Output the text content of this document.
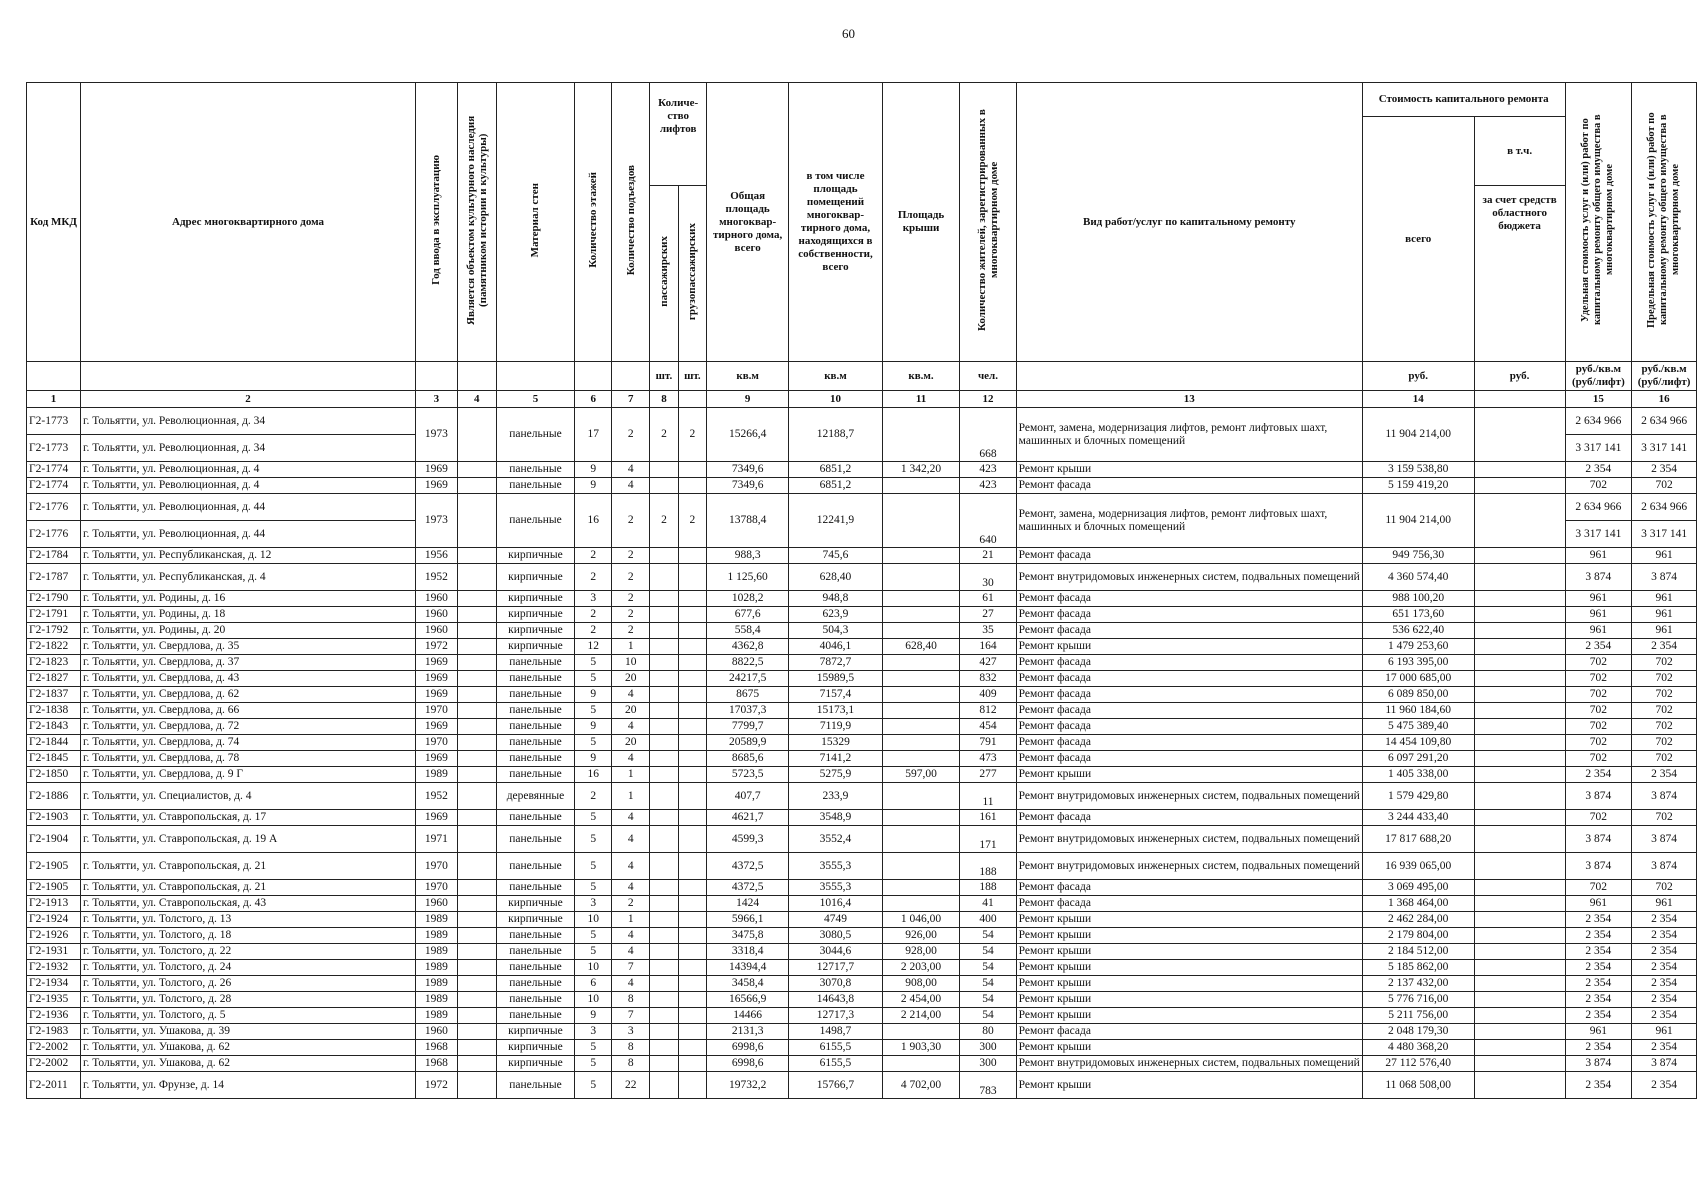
60
Код МКД	Адрес многоквартирного дома	Год ввода в эксплуатацию	Является объектом культурного наследия (памятником истории и культуры)	Материал стен	Количество этажей	Количество подъездов	Количе- ство лифтов		Общая площадь многоквар- тирного дома, всего	в том числе площадь помещений многоквар- тирного дома, находящихся в собственности, всего	Площадь крыши	Количество жителей, зарегистрированных в многоквартирном доме	Вид работ/услуг по капитальному ремонту	Стоимость капитального ремонта		Удельная стоимость услуг и (или) работ по капитальному ремонту общего имущества в многоквартирном доме	Предельная стоимость услуг и (или) работ по капитальному ремонту общего имущества в многоквартирном доме
														всего	в т.ч.		
							пассажирских	грузопассажирских							за счет средств областного бюджета		
							шт.	шт.	кв.м	кв.м	кв.м.	чел.		руб.	руб.	руб./кв.м (руб/лифт)	руб./кв.м (руб/лифт)
1	2	3	4	5	6	7	8		9	10	11	12	13	14		15	16
Г2-1773	г. Тольятти, ул. Революционная, д. 34	1973		панельные	17	2	2	2	15266,4	12188,7		668	Ремонт, замена, модернизация лифтов, ремонт лифтовых шахт, машинных и блочных помещений	11 904 214,00		2 634 966	2 634 966
Г2-1773	г. Тольятти, ул. Революционная, д. 34															3 317 141	3 317 141
Г2-1774	г. Тольятти, ул. Революционная, д. 4	1969		панельные	9	4			7349,6	6851,2	1 342,20	423	Ремонт крыши	3 159 538,80		2 354	2 354
Г2-1774	г. Тольятти, ул. Революционная, д. 4	1969		панельные	9	4			7349,6	6851,2		423	Ремонт фасада	5 159 419,20		702	702
Г2-1776	г. Тольятти, ул. Революционная, д. 44	1973		панельные	16	2	2	2	13788,4	12241,9		640	Ремонт, замена, модернизация лифтов, ремонт лифтовых шахт, машинных и блочных помещений	11 904 214,00		2 634 966	2 634 966
Г2-1776	г. Тольятти, ул. Революционная, д. 44															3 317 141	3 317 141
Г2-1784	г. Тольятти, ул. Республиканская, д. 12	1956		кирпичные	2	2			988,3	745,6		21	Ремонт фасада	949 756,30		961	961
Г2-1787	г. Тольятти, ул. Республиканская, д. 4	1952		кирпичные	2	2			1 125,60	628,40		30	Ремонт внутридомовых инженерных систем, подвальных помещений	4 360 574,40		3 874	3 874
Г2-1790	г. Тольятти, ул. Родины, д. 16	1960		кирпичные	3	2			1028,2	948,8		61	Ремонт фасада	988 100,20		961	961
Г2-1791	г. Тольятти, ул. Родины, д. 18	1960		кирпичные	2	2			677,6	623,9		27	Ремонт фасада	651 173,60		961	961
Г2-1792	г. Тольятти, ул. Родины, д. 20	1960		кирпичные	2	2			558,4	504,3		35	Ремонт фасада	536 622,40		961	961
Г2-1822	г. Тольятти, ул. Свердлова, д. 35	1972		кирпичные	12	1			4362,8	4046,1	628,40	164	Ремонт крыши	1 479 253,60		2 354	2 354
Г2-1823	г. Тольятти, ул. Свердлова, д. 37	1969		панельные	5	10			8822,5	7872,7		427	Ремонт фасада	6 193 395,00		702	702
Г2-1827	г. Тольятти, ул. Свердлова, д. 43	1969		панельные	5	20			24217,5	15989,5		832	Ремонт фасада	17 000 685,00		702	702
Г2-1837	г. Тольятти, ул. Свердлова, д. 62	1969		панельные	9	4			8675	7157,4		409	Ремонт фасада	6 089 850,00		702	702
Г2-1838	г. Тольятти, ул. Свердлова, д. 66	1970		панельные	5	20			17037,3	15173,1		812	Ремонт фасада	11 960 184,60		702	702
Г2-1843	г. Тольятти, ул. Свердлова, д. 72	1969		панельные	9	4			7799,7	7119,9		454	Ремонт фасада	5 475 389,40		702	702
Г2-1844	г. Тольятти, ул. Свердлова, д. 74	1970		панельные	5	20			20589,9	15329		791	Ремонт фасада	14 454 109,80		702	702
Г2-1845	г. Тольятти, ул. Свердлова, д. 78	1969		панельные	9	4			8685,6	7141,2		473	Ремонт фасада	6 097 291,20		702	702
Г2-1850	г. Тольятти, ул. Свердлова, д. 9 Г	1989		панельные	16	1			5723,5	5275,9	597,00	277	Ремонт крыши	1 405 338,00		2 354	2 354
Г2-1886	г. Тольятти, ул. Специалистов, д. 4	1952		деревянные	2	1			407,7	233,9		11	Ремонт внутридомовых инженерных систем, подвальных помещений	1 579 429,80		3 874	3 874
Г2-1903	г. Тольятти, ул. Ставропольская, д. 17	1969		панельные	5	4			4621,7	3548,9		161	Ремонт фасада	3 244 433,40		702	702
Г2-1904	г. Тольятти, ул. Ставропольская, д. 19 А	1971		панельные	5	4			4599,3	3552,4		171	Ремонт внутридомовых инженерных систем, подвальных помещений	17 817 688,20		3 874	3 874
Г2-1905	г. Тольятти, ул. Ставропольская, д. 21	1970		панельные	5	4			4372,5	3555,3		188	Ремонт внутридомовых инженерных систем, подвальных помещений	16 939 065,00		3 874	3 874
Г2-1905	г. Тольятти, ул. Ставропольская, д. 21	1970		панельные	5	4			4372,5	3555,3		188	Ремонт фасада	3 069 495,00		702	702
Г2-1913	г. Тольятти, ул. Ставропольская, д. 43	1960		кирпичные	3	2			1424	1016,4		41	Ремонт фасада	1 368 464,00		961	961
Г2-1924	г. Тольятти, ул. Толстого, д. 13	1989		кирпичные	10	1			5966,1	4749	1 046,00	400	Ремонт крыши	2 462 284,00		2 354	2 354
Г2-1926	г. Тольятти, ул. Толстого, д. 18	1989		панельные	5	4			3475,8	3080,5	926,00	54	Ремонт крыши	2 179 804,00		2 354	2 354
Г2-1931	г. Тольятти, ул. Толстого, д. 22	1989		панельные	5	4			3318,4	3044,6	928,00	54	Ремонт крыши	2 184 512,00		2 354	2 354
Г2-1932	г. Тольятти, ул. Толстого, д. 24	1989		панельные	10	7			14394,4	12717,7	2 203,00	54	Ремонт крыши	5 185 862,00		2 354	2 354
Г2-1934	г. Тольятти, ул. Толстого, д. 26	1989		панельные	6	4			3458,4	3070,8	908,00	54	Ремонт крыши	2 137 432,00		2 354	2 354
Г2-1935	г. Тольятти, ул. Толстого, д. 28	1989		панельные	10	8			16566,9	14643,8	2 454,00	54	Ремонт крыши	5 776 716,00		2 354	2 354
Г2-1936	г. Тольятти, ул. Толстого, д. 5	1989		панельные	9	7			14466	12717,3	2 214,00	54	Ремонт крыши	5 211 756,00		2 354	2 354
Г2-1983	г. Тольятти, ул. Ушакова, д. 39	1960		кирпичные	3	3			2131,3	1498,7		80	Ремонт фасада	2 048 179,30		961	961
Г2-2002	г. Тольятти, ул. Ушакова, д. 62	1968		кирпичные	5	8			6998,6	6155,5	1 903,30	300	Ремонт крыши	4 480 368,20		2 354	2 354
Г2-2002	г. Тольятти, ул. Ушакова, д. 62	1968		кирпичные	5	8			6998,6	6155,5		300	Ремонт внутридомовых инженерных систем, подвальных помещений	27 112 576,40		3 874	3 874
Г2-2011	г. Тольятти, ул. Фрунзе, д. 14	1972		панельные	5	22			19732,2	15766,7	4 702,00	783	Ремонт крыши	11 068 508,00		2 354	2 354
